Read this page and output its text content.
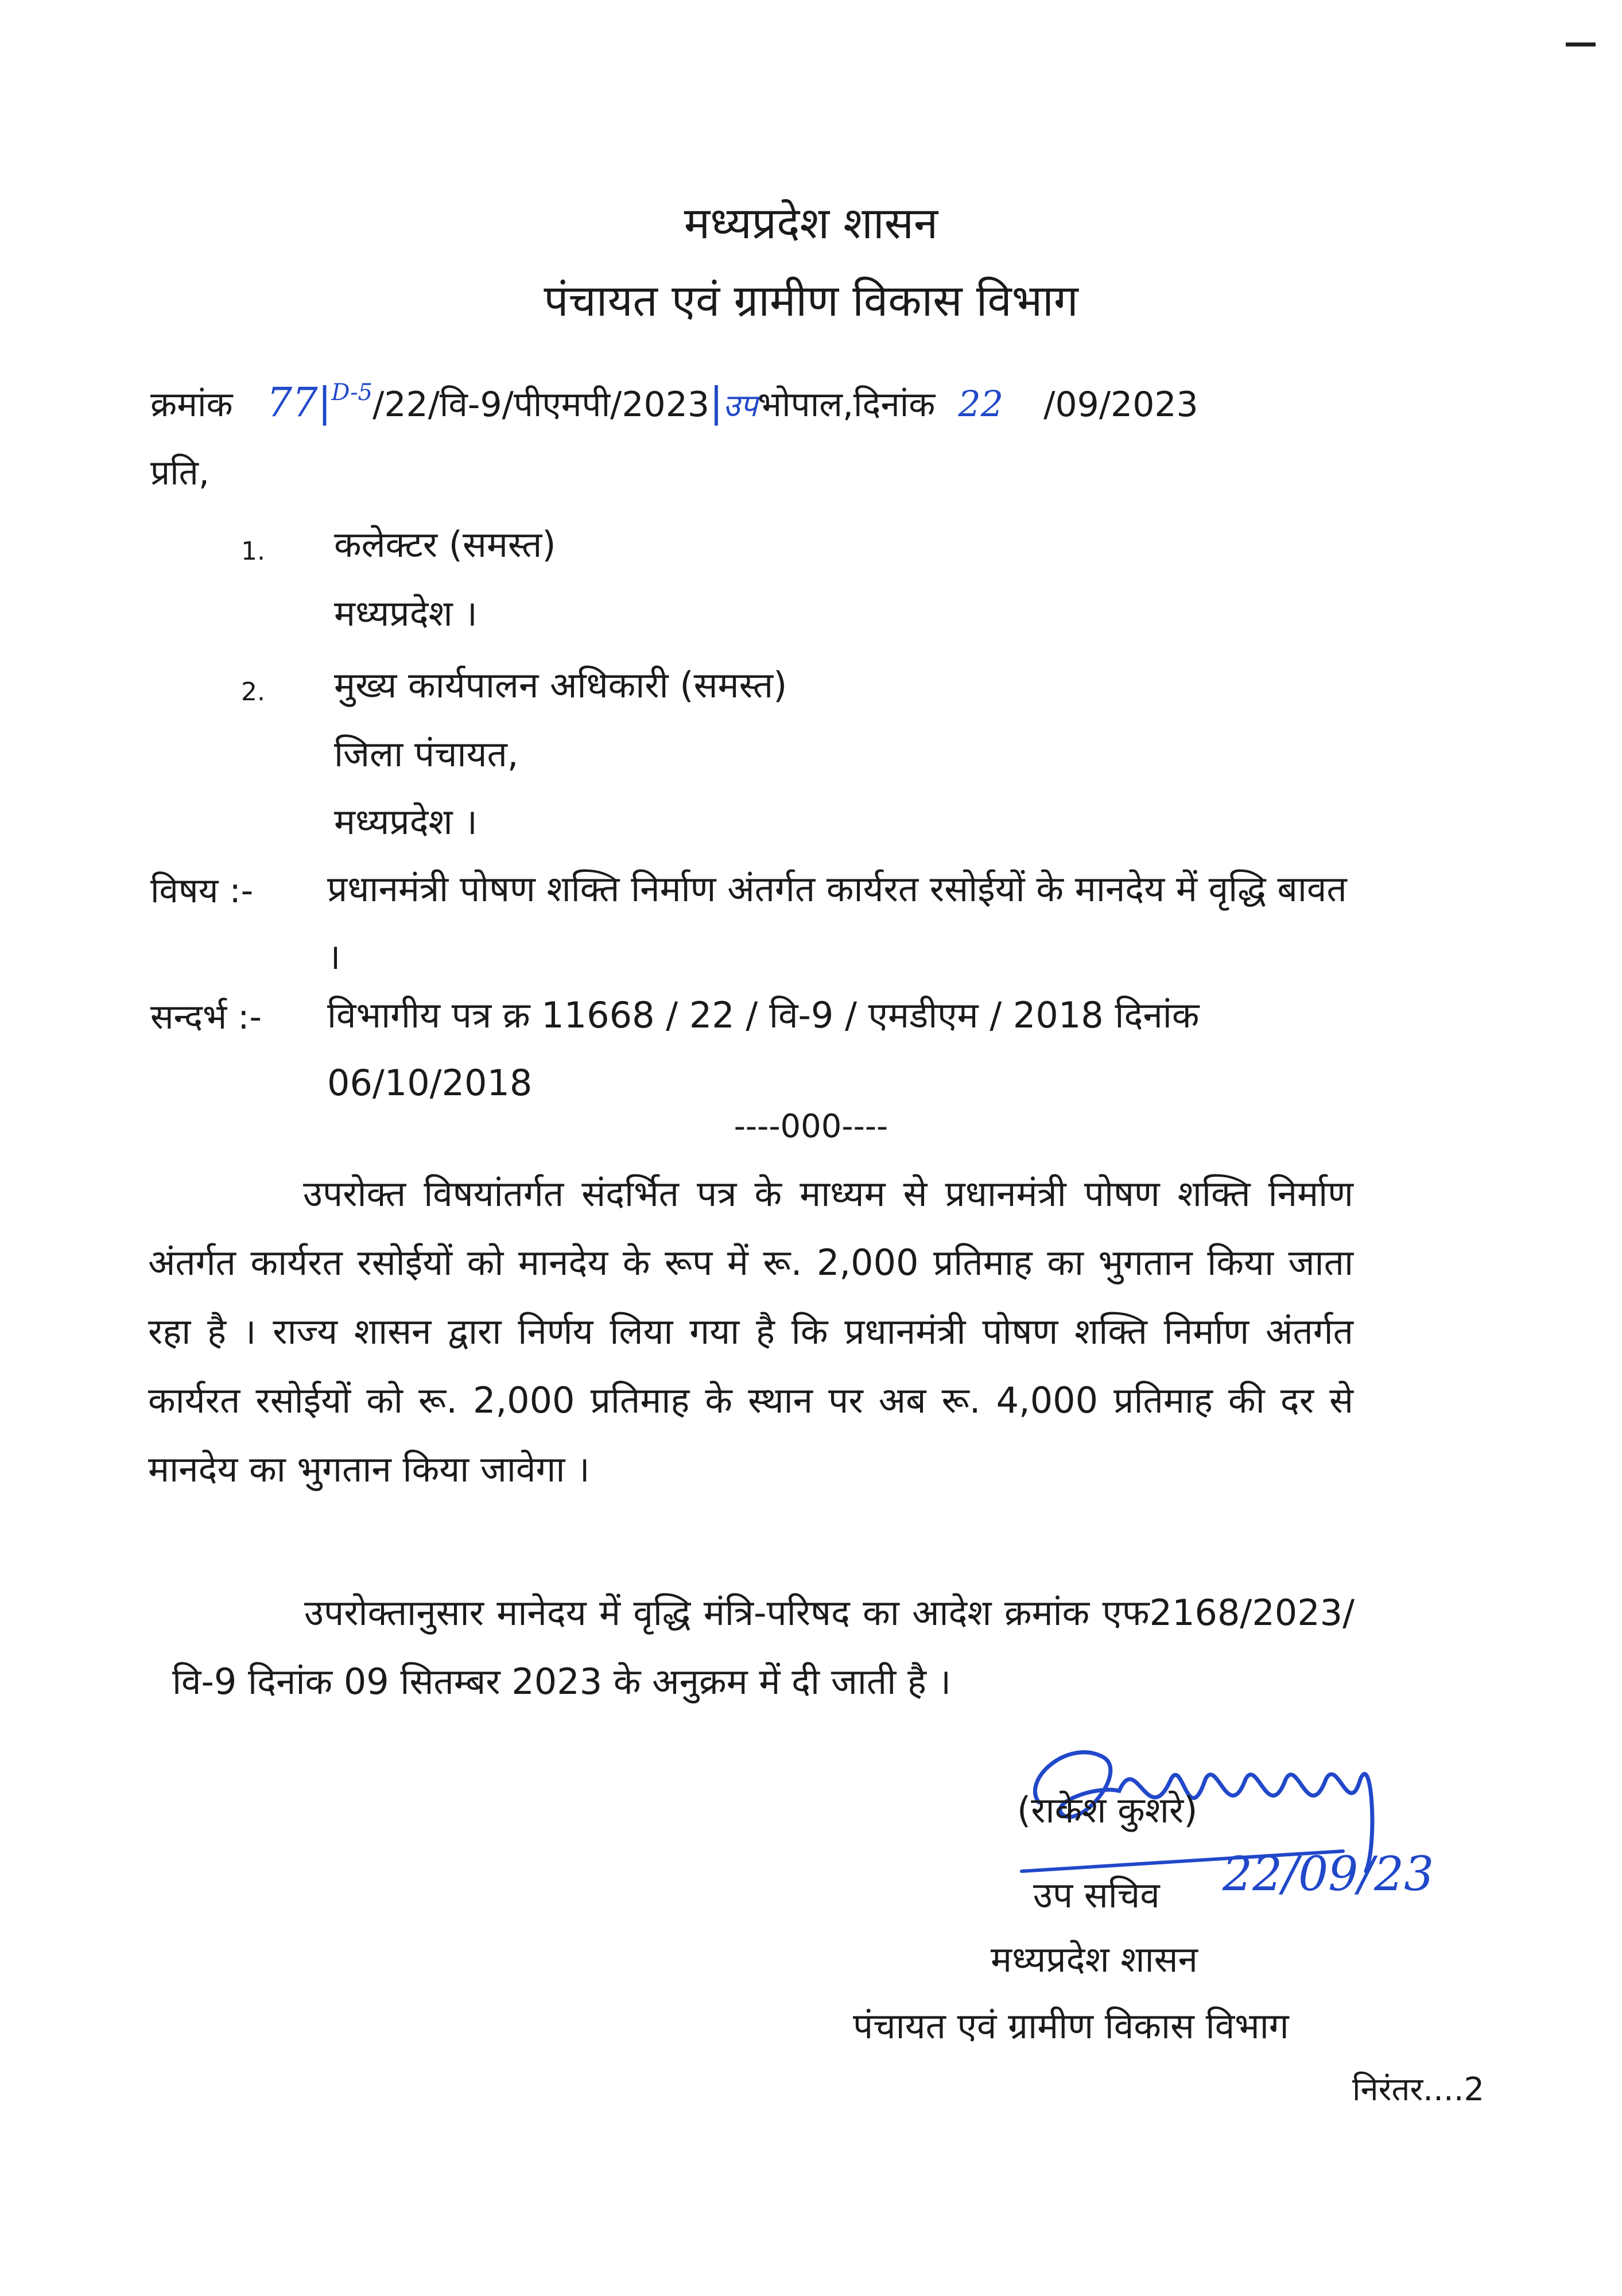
मध्यप्रदेश शासन
पंचायत एवं ग्रामीण विकास विभाग
क्रमांक $77|^{D-5}/22/वि-9/पीएमपी/2023|उपभोपाल,दिनांक$ 22 /09/2023
प्रति,
1. कलेक्टर (समस्त)
मध्यप्रदेश ।
2. मुख्य कार्यपालन अधिकारी (समस्त)
जिला पंचायत,
मध्यप्रदेश ।
विषय :- प्रधानमंत्री पोषण शक्ति निर्माण अंतर्गत कार्यरत रसोईयों के मानदेय में वृद्धि बावत ।
सन्दर्भ :- विभागीय पत्र क्र 11668 / 22 / वि-9 / एमडीएम / 2018 दिनांक 06/10/2018
----000----

उपरोक्त विषयांतर्गत संदर्भित पत्र के माध्यम से प्रधानमंत्री पोषण शक्ति निर्माण अंतर्गत कार्यरत रसोईयों को मानदेय के रूप में रू. 2,000 प्रतिमाह का भुगतान किया जाता रहा है । राज्य शासन द्वारा निर्णय लिया गया है कि प्रधानमंत्री पोषण शक्ति निर्माण अंतर्गत कार्यरत रसोईयों को रू. 2,000 प्रतिमाह के स्थान पर अब रू. 4,000 प्रतिमाह की दर से मानदेय का भुगतान किया जावेगा ।

उपरोक्तानुसार मानेदय में वृद्धि मंत्रि-परिषद का आदेश क्रमांक एफ2168/2023/वि-9 दिनांक 09 सितम्बर 2023 के अनुक्रम में दी जाती है ।

(राकेश कुशरे)
22/09/23
उप सचिव
मध्यप्रदेश शासन
पंचायत एवं ग्रामीण विकास विभाग
निरंतर....2
